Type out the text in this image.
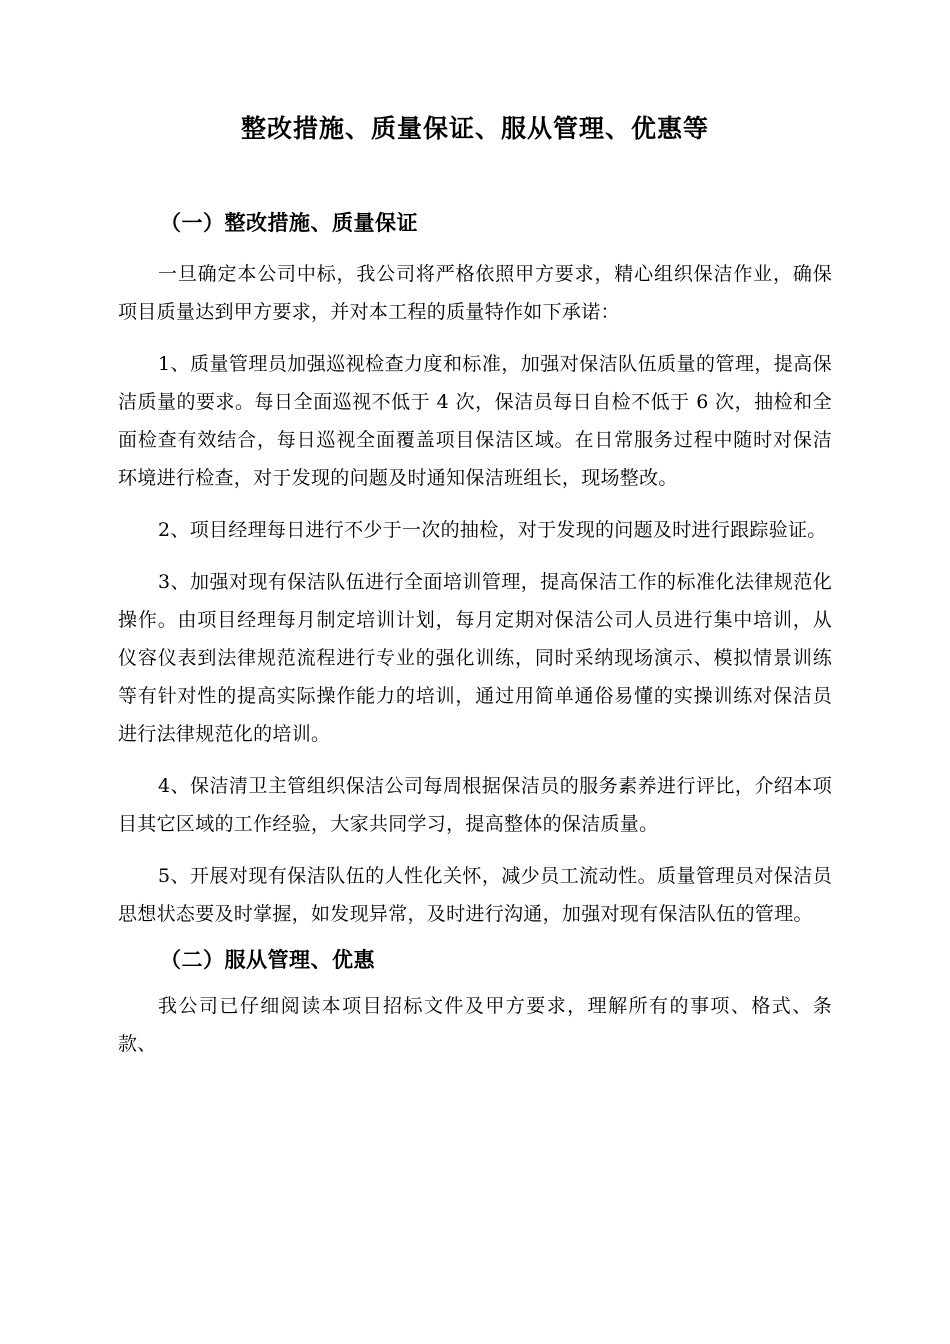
整改措施、质量保证、服从管理、优惠等
（一）整改措施、质量保证

一旦确定本公司中标，我公司将严格依照甲方要求，精心组织保洁作业，确保项目质量达到甲方要求，并对本工程的质量特作如下承诺：

1、质量管理员加强巡视检查力度和标准，加强对保洁队伍质量的管理，提高保洁质量的要求。每日全面巡视不低于 4 次，保洁员每日自检不低于 6 次，抽检和全面检查有效结合，每日巡视全面覆盖项目保洁区域。在日常服务过程中随时对保洁环境进行检查，对于发现的问题及时通知保洁班组长，现场整改。

2、项目经理每日进行不少于一次的抽检，对于发现的问题及时进行跟踪验证。

3、加强对现有保洁队伍进行全面培训管理，提高保洁工作的标准化法律规范化操作。由项目经理每月制定培训计划，每月定期对保洁公司人员进行集中培训，从仪容仪表到法律规范流程进行专业的强化训练，同时采纳现场演示、模拟情景训练等有针对性的提高实际操作能力的培训，通过用简单通俗易懂的实操训练对保洁员进行法律规范化的培训。

4、保洁清卫主管组织保洁公司每周根据保洁员的服务素养进行评比，介绍本项目其它区域的工作经验，大家共同学习，提高整体的保洁质量。

5、开展对现有保洁队伍的人性化关怀，减少员工流动性。质量管理员对保洁员思想状态要及时掌握，如发现异常，及时进行沟通，加强对现有保洁队伍的管理。

（二）服从管理、优惠

我公司已仔细阅读本项目招标文件及甲方要求，理解所有的事项、格式、条款、
